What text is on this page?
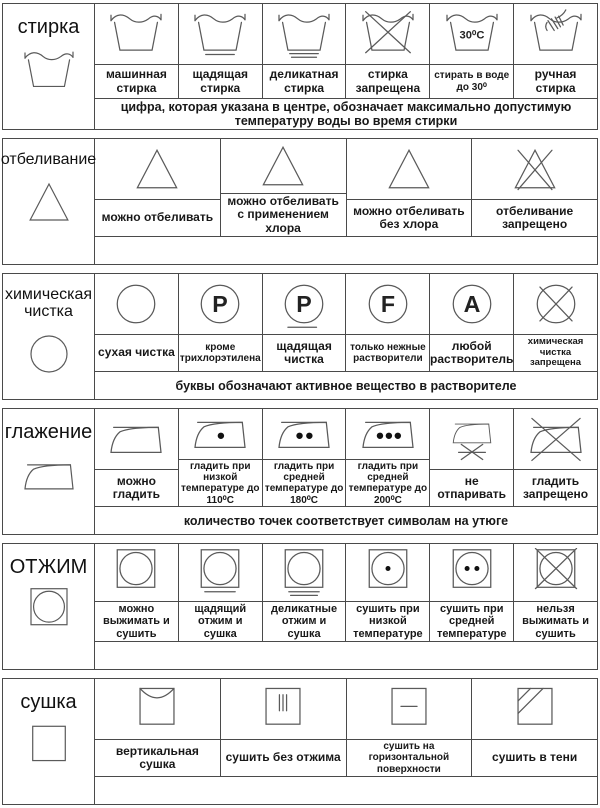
стирка
машинная стирка
щадящая стирка
деликатная стирка
стирка запрещена
30⁰С
стирать в воде до 30⁰
ручная стирка
цифра, которая указана в центре, обозначает максимально допустимую температуру воды во время стирки
отбеливание
можно отбеливать
можно отбеливать с применением хлора
можно отбеливать без хлора
отбеливание запрещено
химическая чистка
сухая чистка
P
кроме трихлорэтилена
P
щадящая чистка
F
только нежные растворители
A
любой растворитель
химическая чистка запрещена
буквы обозначают активное вещество в растворителе
глажение
можно гладить
гладить при низкой температуре до 110⁰С
гладить при средней температуре до 180⁰С
гладить при средней температуре до 200⁰С
не отпаривать
гладить запрещено
количество точек соответствует символам на утюге
ОТЖИМ
можно выжимать и сушить
щадящий отжим и сушка
деликатные отжим и сушка
сушить при низкой температуре
сушить при средней температуре
нельзя выжимать и сушить
сушка
вертикальная сушка	сушить без отжима
сушить на горизонтальной поверхности
сушить в тени
